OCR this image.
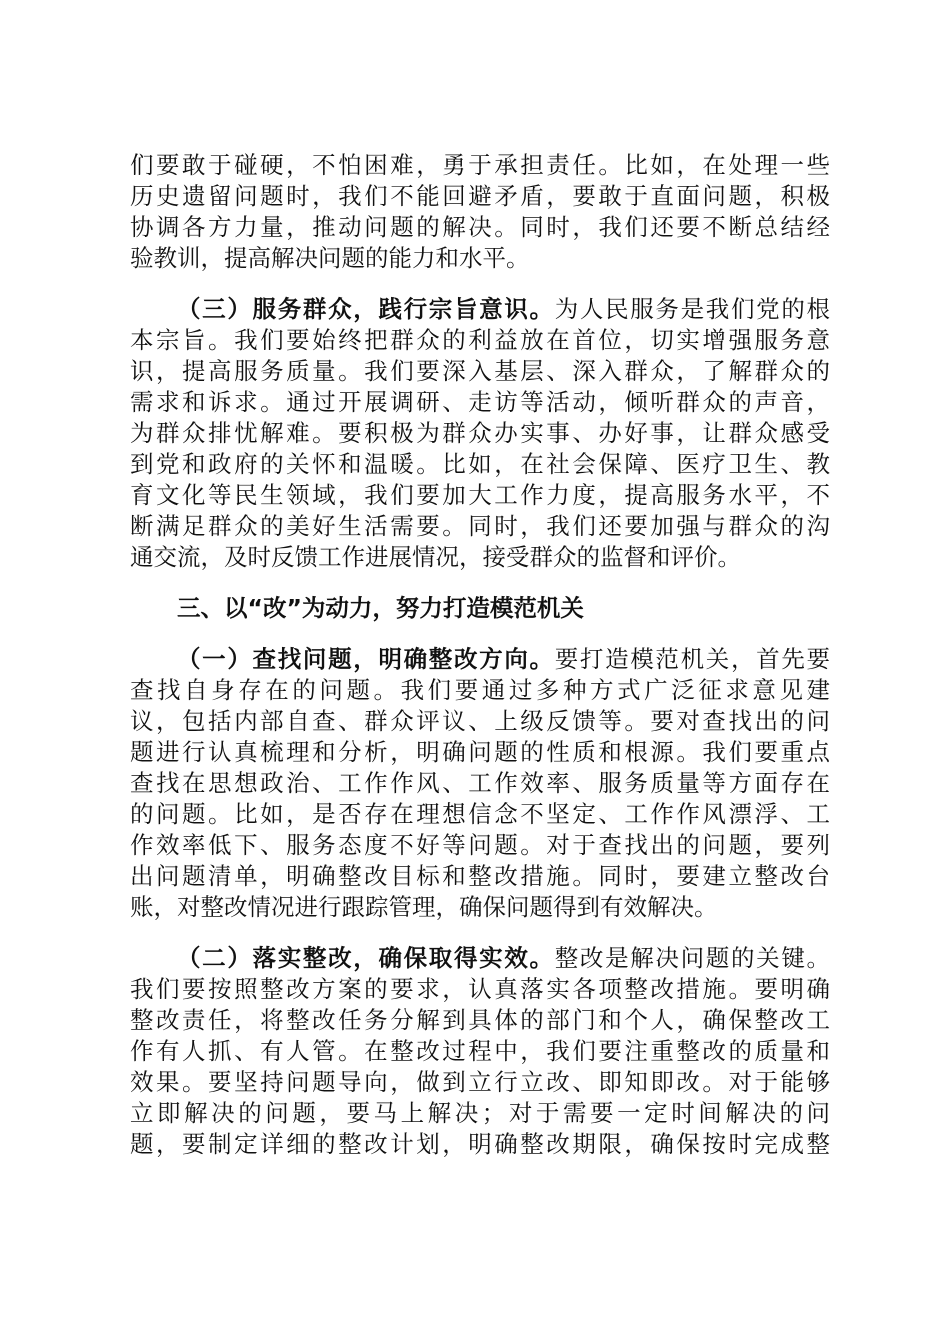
们要敢于碰硬，不怕困难，勇于承担责任。比如，在处理一些
历史遗留问题时，我们不能回避矛盾，要敢于直面问题，积极
协调各方力量，推动问题的解决。同时，我们还要不断总结经
验教训，提高解决问题的能力和水平。
（三）服务群众，践行宗旨意识。为人民服务是我们党的根
本宗旨。我们要始终把群众的利益放在首位，切实增强服务意
识，提高服务质量。我们要深入基层、深入群众，了解群众的
需求和诉求。通过开展调研、走访等活动，倾听群众的声音，
为群众排忧解难。要积极为群众办实事、办好事，让群众感受
到党和政府的关怀和温暖。比如，在社会保障、医疗卫生、教
育文化等民生领域，我们要加大工作力度，提高服务水平，不
断满足群众的美好生活需要。同时，我们还要加强与群众的沟
通交流，及时反馈工作进展情况，接受群众的监督和评价。
三、以“改”为动力，努力打造模范机关
（一）查找问题，明确整改方向。要打造模范机关，首先要
查找自身存在的问题。我们要通过多种方式广泛征求意见建
议，包括内部自查、群众评议、上级反馈等。要对查找出的问
题进行认真梳理和分析，明确问题的性质和根源。我们要重点
查找在思想政治、工作作风、工作效率、服务质量等方面存在
的问题。比如，是否存在理想信念不坚定、工作作风漂浮、工
作效率低下、服务态度不好等问题。对于查找出的问题，要列
出问题清单，明确整改目标和整改措施。同时，要建立整改台
账，对整改情况进行跟踪管理，确保问题得到有效解决。
（二）落实整改，确保取得实效。整改是解决问题的关键。
我们要按照整改方案的要求，认真落实各项整改措施。要明确
整改责任，将整改任务分解到具体的部门和个人，确保整改工
作有人抓、有人管。在整改过程中，我们要注重整改的质量和
效果。要坚持问题导向，做到立行立改、即知即改。对于能够
立即解决的问题，要马上解决；对于需要一定时间解决的问
题，要制定详细的整改计划，明确整改期限，确保按时完成整
